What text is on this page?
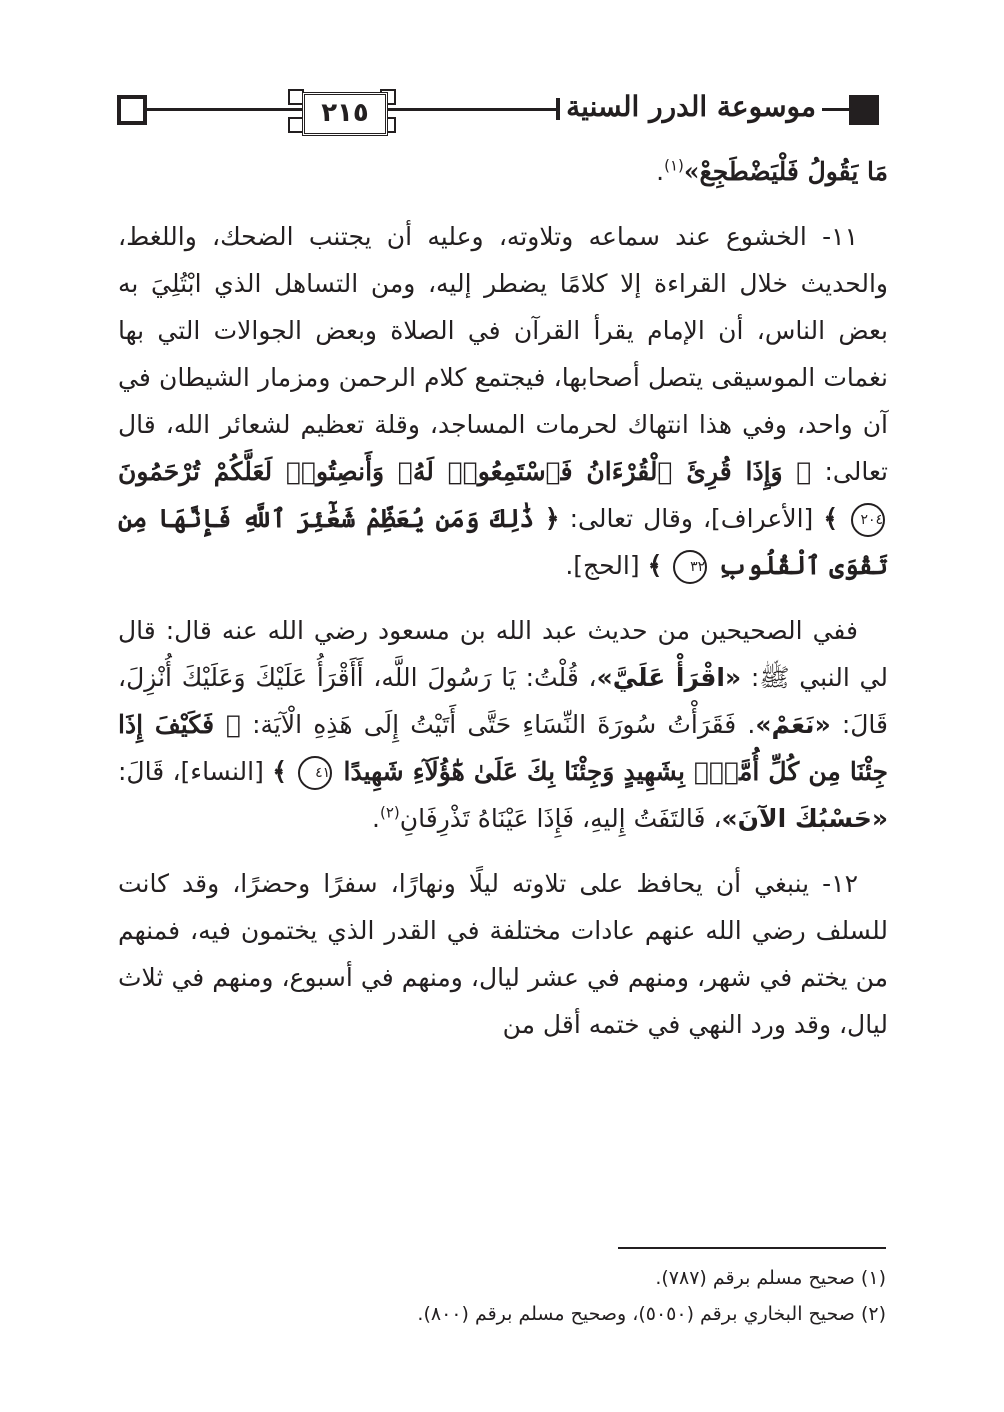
٢١٥	موسوعة الدرر السنية

مَا يَقُولُ فَلْيَضْطَجِعْ»$^{(١)}$.

١١- الخشوع عند سماعه وتلاوته، وعليه أن يجتنب الضحك، واللغط، والحديث خلال القراءة إلا كلامًا يضطر إليه، ومن التساهل الذي ابْتُلِيَ به بعض الناس، أن الإمام يقرأ القرآن في الصلاة وبعض الجوالات التي بها نغمات الموسيقى يتصل أصحابها، فيجتمع كلام الرحمن ومزمار الشيطان في آن واحد، وفي هذا انتهاك لحرمات المساجد، وقلة تعظيم لشعائر الله، قال تعالى: ﴿ وَإِذَا قُرِئَ ٱلْقُرْءَانُ فَٱسْتَمِعُوا۟ لَهُۥ وَأَنصِتُوا۟ لَعَلَّكُمْ تُرْحَمُونَ ٢٠٤ ﴾ [الأعراف]، وقال تعالى: ﴿ ذَٰلِكَ وَمَن يُعَظِّمْ شَعَٰٓئِرَ ٱللَّهِ فَإِنَّهَا مِن تَقْوَى ٱلْقُلُوبِ ٣٢ ﴾ [الحج].

ففي الصحيحين من حديث عبد الله بن مسعود رضي الله عنه قال: قال لي النبي ﷺ: «اقْرَأْ عَلَيَّ»، قُلْتُ: يَا رَسُولَ اللَّه، أَأَقْرَأُ عَلَيْكَ وَعَلَيْكَ أُنْزِلَ، قَالَ: «نَعَمْ». فَقَرَأْتُ سُورَةَ النِّسَاءِ حَتَّى أَتَيْتُ إِلَى هَذِهِ الْآيَة: ﴿ فَكَيْفَ إِذَا جِئْنَا مِن كُلِّ أُمَّةٍۭ بِشَهِيدٍ وَجِئْنَا بِكَ عَلَىٰ هَٰٓؤُلَآءِ شَهِيدًا ٤١ ﴾ [النساء]، قَالَ: «حَسْبُكَ الآنَ»، فَالتَفَتُ إِليهِ، فَإِذَا عَيْنَاهُ تَذْرِفَانِ$^{(٢)}$.

١٢- ينبغي أن يحافظ على تلاوته ليلًا ونهارًا، سفرًا وحضرًا، وقد كانت للسلف رضي الله عنهم عادات مختلفة في القدر الذي يختمون فيه، فمنهم من يختم في شهر، ومنهم في عشر ليال، ومنهم في أسبوع، ومنهم في ثلاث ليال، وقد ورد النهي في ختمه أقل من

(١) صحيح مسلم برقم (٧٨٧).

(٢) صحيح البخاري برقم (٥٠٥٠)، وصحيح مسلم برقم (٨٠٠).
